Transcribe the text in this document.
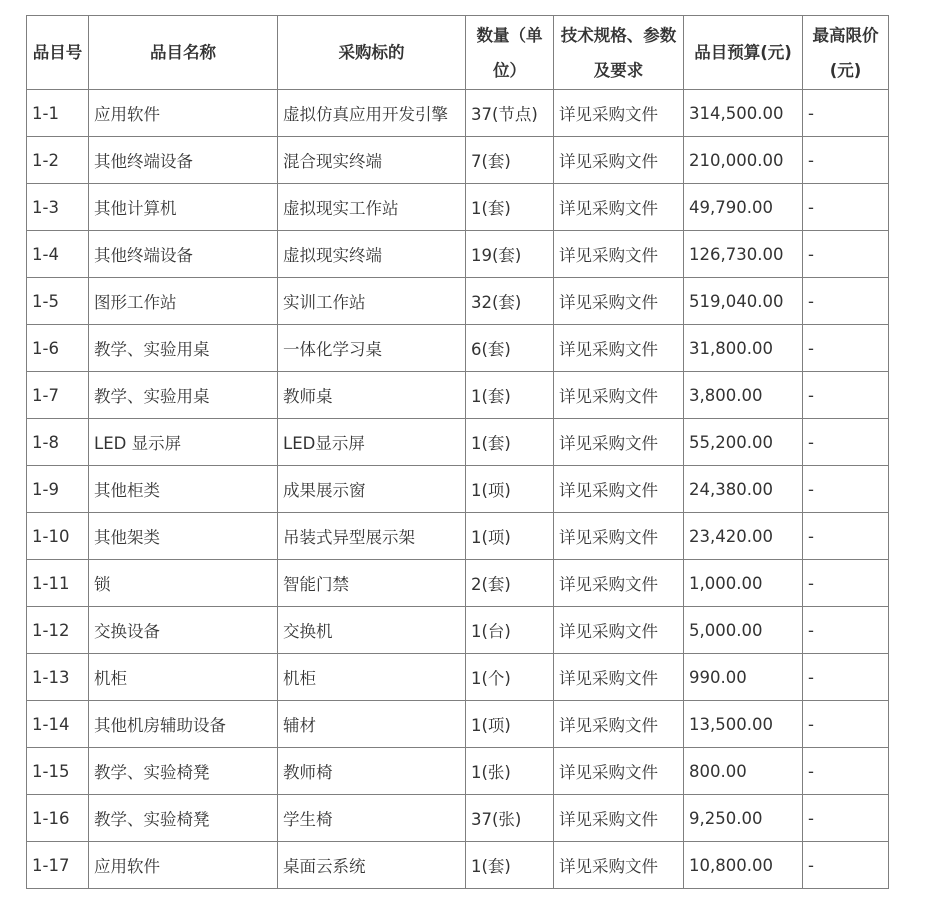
品目号	品目名称	采购标的	数量（单位）	技术规格、参数及要求	品目预算(元)	最高限价(元)
1-1	应用软件	虚拟仿真应用开发引擎	37(节点)	详见采购文件	314,500.00	-
1-2	其他终端设备	混合现实终端	7(套)	详见采购文件	210,000.00	-
1-3	其他计算机	虚拟现实工作站	1(套)	详见采购文件	49,790.00	-
1-4	其他终端设备	虚拟现实终端	19(套)	详见采购文件	126,730.00	-
1-5	图形工作站	实训工作站	32(套)	详见采购文件	519,040.00	-
1-6	教学、实验用桌	一体化学习桌	6(套)	详见采购文件	31,800.00	-
1-7	教学、实验用桌	教师桌	1(套)	详见采购文件	3,800.00	-
1-8	LED 显示屏	LED显示屏	1(套)	详见采购文件	55,200.00	-
1-9	其他柜类	成果展示窗	1(项)	详见采购文件	24,380.00	-
1-10	其他架类	吊装式异型展示架	1(项)	详见采购文件	23,420.00	-
1-11	锁	智能门禁	2(套)	详见采购文件	1,000.00	-
1-12	交换设备	交换机	1(台)	详见采购文件	5,000.00	-
1-13	机柜	机柜	1(个)	详见采购文件	990.00	-
1-14	其他机房辅助设备	辅材	1(项)	详见采购文件	13,500.00	-
1-15	教学、实验椅凳	教师椅	1(张)	详见采购文件	800.00	-
1-16	教学、实验椅凳	学生椅	37(张)	详见采购文件	9,250.00	-
1-17	应用软件	桌面云系统	1(套)	详见采购文件	10,800.00	-
